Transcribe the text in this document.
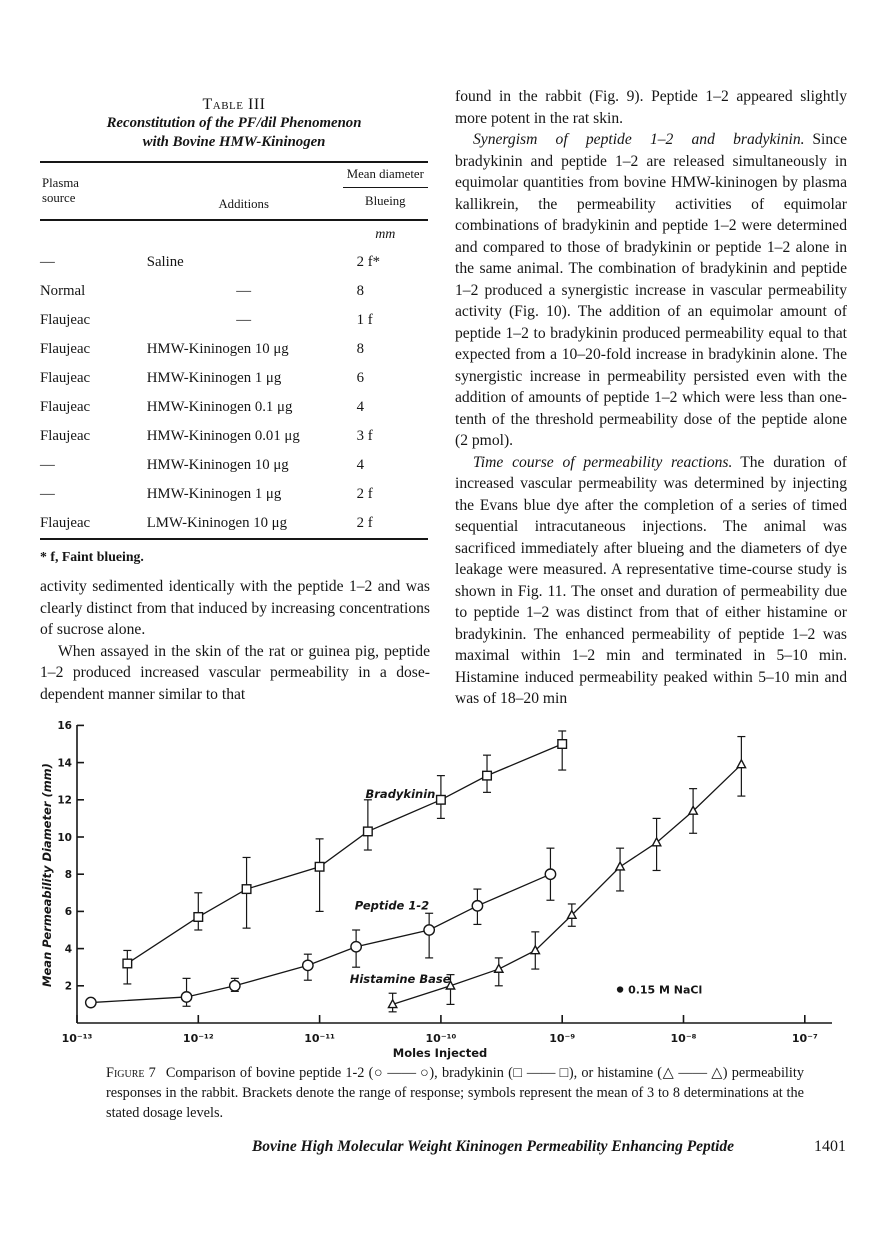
Table III
Reconstitution of the PF/dil Phenomenon
with Bovine HMW-Kininogen
Plasma
source	Additions
Mean diameter
Blueing
mm
—	Saline	2 f*
Normal	—	8
Flaujeac	—	1 f
Flaujeac	HMW-Kininogen 10 μg	8
Flaujeac	HMW-Kininogen 1 μg	6
Flaujeac	HMW-Kininogen 0.1 μg	4
Flaujeac	HMW-Kininogen 0.01 μg	3 f
—	HMW-Kininogen 10 μg	4
—	HMW-Kininogen 1 μg	2 f
Flaujeac	LMW-Kininogen 10 μg	2 f
* f, Faint blueing.

activity sedimented identically with the peptide 1–2 and was clearly distinct from that induced by increasing concentrations of sucrose alone.

When assayed in the skin of the rat or guinea pig, peptide 1–2 produced increased vascular permeability in a dose-dependent manner similar to that

found in the rabbit (Fig. 9). Peptide 1–2 appeared slightly more potent in the rat skin.

Synergism of peptide 1–2 and bradykinin. Since bradykinin and peptide 1–2 are released simultaneously in equimolar quantities from bovine HMW-kininogen by plasma kallikrein, the permeability activities of equimolar combinations of bradykinin and peptide 1–2 were determined and compared to those of bradykinin or peptide 1–2 alone in the same animal. The combination of bradykinin and peptide 1–2 produced a synergistic increase in vascular permeability activity (Fig. 10). The addition of an equimolar amount of peptide 1–2 to bradykinin produced permeability equal to that expected from a 10–20-fold increase in bradykinin alone. The synergistic increase in permeability persisted even with the addition of amounts of peptide 1–2 which were less than one-tenth of the threshold permeability dose of the peptide alone (2 pmol).

Time course of permeability reactions. The duration of increased vascular permeability was determined by injecting the Evans blue dye after the completion of a series of timed sequential intracutaneous injections. The animal was sacrificed immediately after blueing and the diameters of dye leakage were measured. A representative time-course study is shown in Fig. 11. The onset and duration of permeability due to peptide 1–2 was distinct from that of either histamine or bradykinin. The enhanced permeability of peptide 1–2 was maximal within 1–2 min and terminated in 5–10 min. Histamine induced permeability peaked within 5–10 min and was of 18–20 min

2
4
6
8
10
12
14
16
10⁻¹³	10⁻¹²	10⁻¹¹	10⁻¹⁰	10⁻⁹	10⁻⁸	10⁻⁷
Moles Injected
Mean Permeability Diameter (mm)	Bradykinin
Peptide 1-2
Histamine Base
0.15 M NaCl
Figure 7 Comparison of bovine peptide 1-2 (○ —— ○), bradykinin (□ —— □), or histamine (△ —— △) permeability responses in the rabbit. Brackets denote the range of response; symbols represent the mean of 3 to 8 determinations at the stated dosage levels.
Bovine High Molecular Weight Kininogen Permeability Enhancing Peptide	1401
